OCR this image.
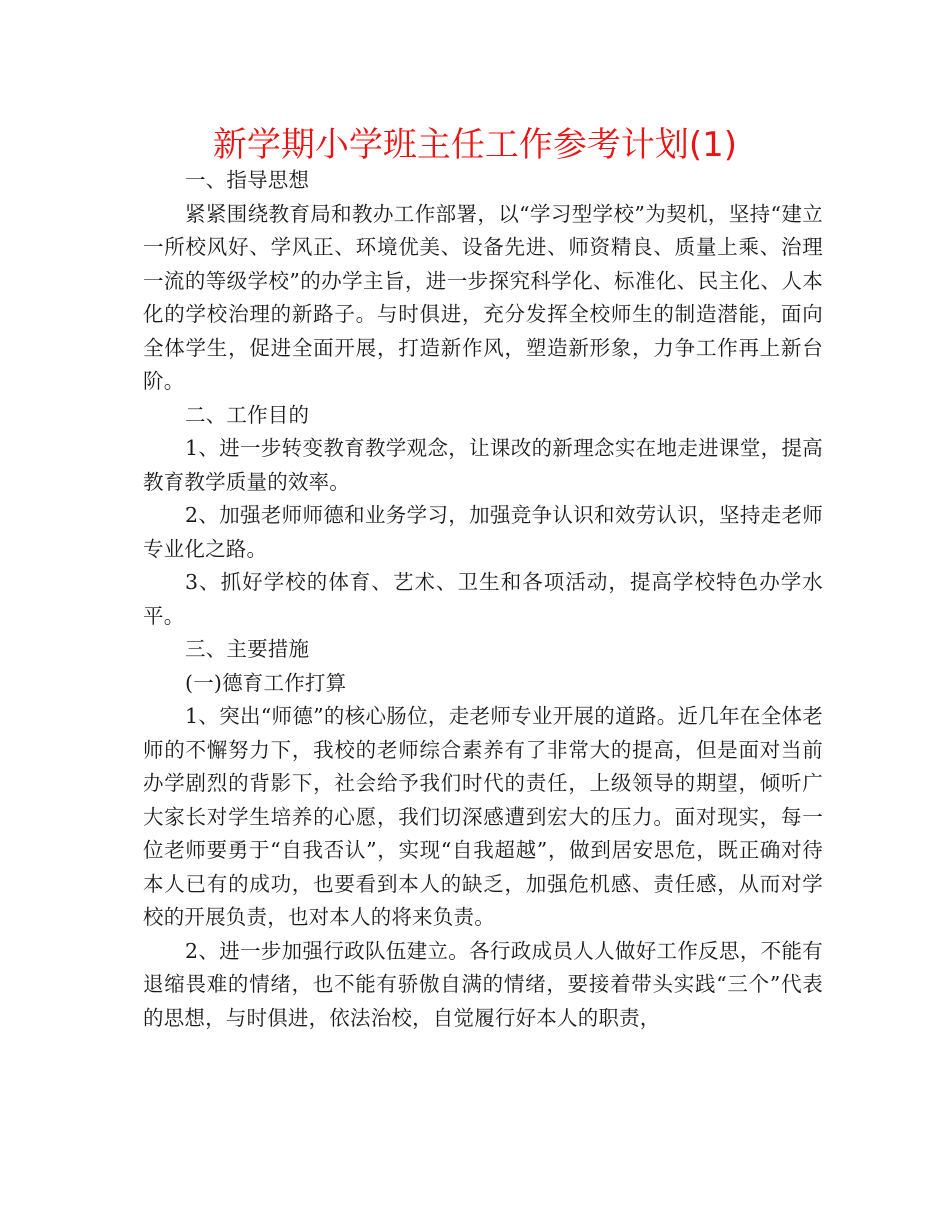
新学期小学班主任工作参考计划(1)

一、指导思想

紧紧围绕教育局和教办工作部署，以“学习型学校”为契机，坚持“建立一所校风好、学风正、环境优美、设备先进、师资精良、质量上乘、治理一流的等级学校”的办学主旨，进一步探究科学化、标准化、民主化、人本化的学校治理的新路子。与时俱进，充分发挥全校师生的制造潜能，面向全体学生，促进全面开展，打造新作风，塑造新形象，力争工作再上新台阶。

二、工作目的

1、进一步转变教育教学观念，让课改的新理念实在地走进课堂，提高教育教学质量的效率。

2、加强老师师德和业务学习，加强竞争认识和效劳认识，坚持走老师专业化之路。

3、抓好学校的体育、艺术、卫生和各项活动，提高学校特色办学水平。

三、主要措施

(一)德育工作打算

1、突出“师德”的核心肠位，走老师专业开展的道路。近几年在全体老师的不懈努力下，我校的老师综合素养有了非常大的提高，但是面对当前办学剧烈的背影下，社会给予我们时代的责任，上级领导的期望，倾听广大家长对学生培养的心愿，我们切深感遭到宏大的压力。面对现实，每一位老师要勇于“自我否认”，实现“自我超越”，做到居安思危，既正确对待本人已有的成功，也要看到本人的缺乏，加强危机感、责任感，从而对学校的开展负责，也对本人的将来负责。

2、进一步加强行政队伍建立。各行政成员人人做好工作反思，不能有退缩畏难的情绪，也不能有骄傲自满的情绪，要接着带头实践“三个”代表的思想，与时俱进，依法治校，自觉履行好本人的职责，
